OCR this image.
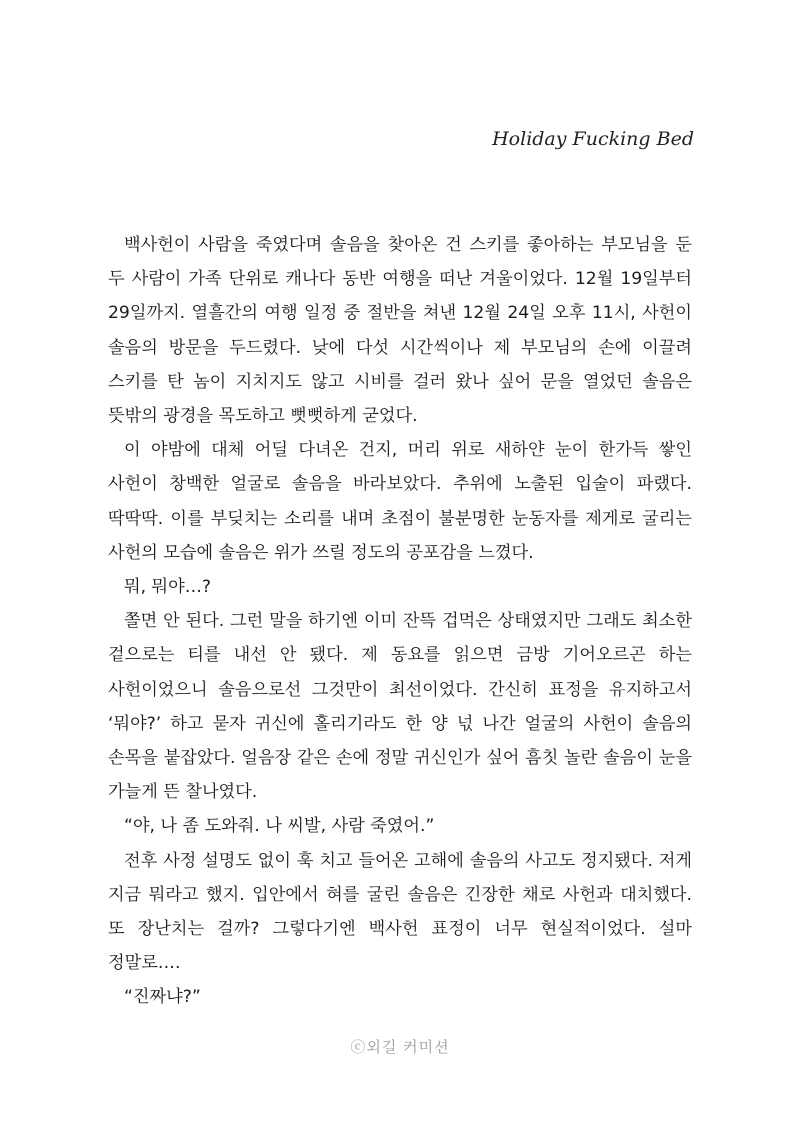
Holiday Fucking Bed

백사헌이 사람을 죽였다며 솔음을 찾아온 건 스키를 좋아하는 부모님을 둔 두 사람이 가족 단위로 캐나다 동반 여행을 떠난 겨울이었다. 12월 19일부터 29일까지. 열흘간의 여행 일정 중 절반을 쳐낸 12월 24일 오후 11시, 사헌이 솔음의 방문을 두드렸다. 낮에 다섯 시간씩이나 제 부모님의 손에 이끌려 스키를 탄 놈이 지치지도 않고 시비를 걸러 왔나 싶어 문을 열었던 솔음은 뜻밖의 광경을 목도하고 뻣뻣하게 굳었다.

이 야밤에 대체 어딜 다녀온 건지, 머리 위로 새하얀 눈이 한가득 쌓인 사헌이 창백한 얼굴로 솔음을 바라보았다. 추위에 노출된 입술이 파랬다. 딱딱딱. 이를 부딪치는 소리를 내며 초점이 불분명한 눈동자를 제게로 굴리는 사헌의 모습에 솔음은 위가 쓰릴 정도의 공포감을 느꼈다.

뭐, 뭐야…?

쫄면 안 된다. 그런 말을 하기엔 이미 잔뜩 겁먹은 상태였지만 그래도 최소한 겉으로는 티를 내선 안 됐다. 제 동요를 읽으면 금방 기어오르곤 하는 사헌이었으니 솔음으로선 그것만이 최선이었다. 간신히 표정을 유지하고서 ‘뭐야?’ 하고 묻자 귀신에 홀리기라도 한 양 넋 나간 얼굴의 사헌이 솔음의 손목을 붙잡았다. 얼음장 같은 손에 정말 귀신인가 싶어 흠칫 놀란 솔음이 눈을 가늘게 뜬 찰나였다.

“야, 나 좀 도와줘. 나 씨발, 사람 죽였어.”

전후 사정 설명도 없이 훅 치고 들어온 고해에 솔음의 사고도 정지됐다. 저게 지금 뭐라고 했지. 입안에서 혀를 굴린 솔음은 긴장한 채로 사헌과 대치했다. 또 장난치는 걸까? 그렇다기엔 백사헌 표정이 너무 현실적이었다. 설마 정말로….

“진짜냐?”

ⓒ외길 커미션
